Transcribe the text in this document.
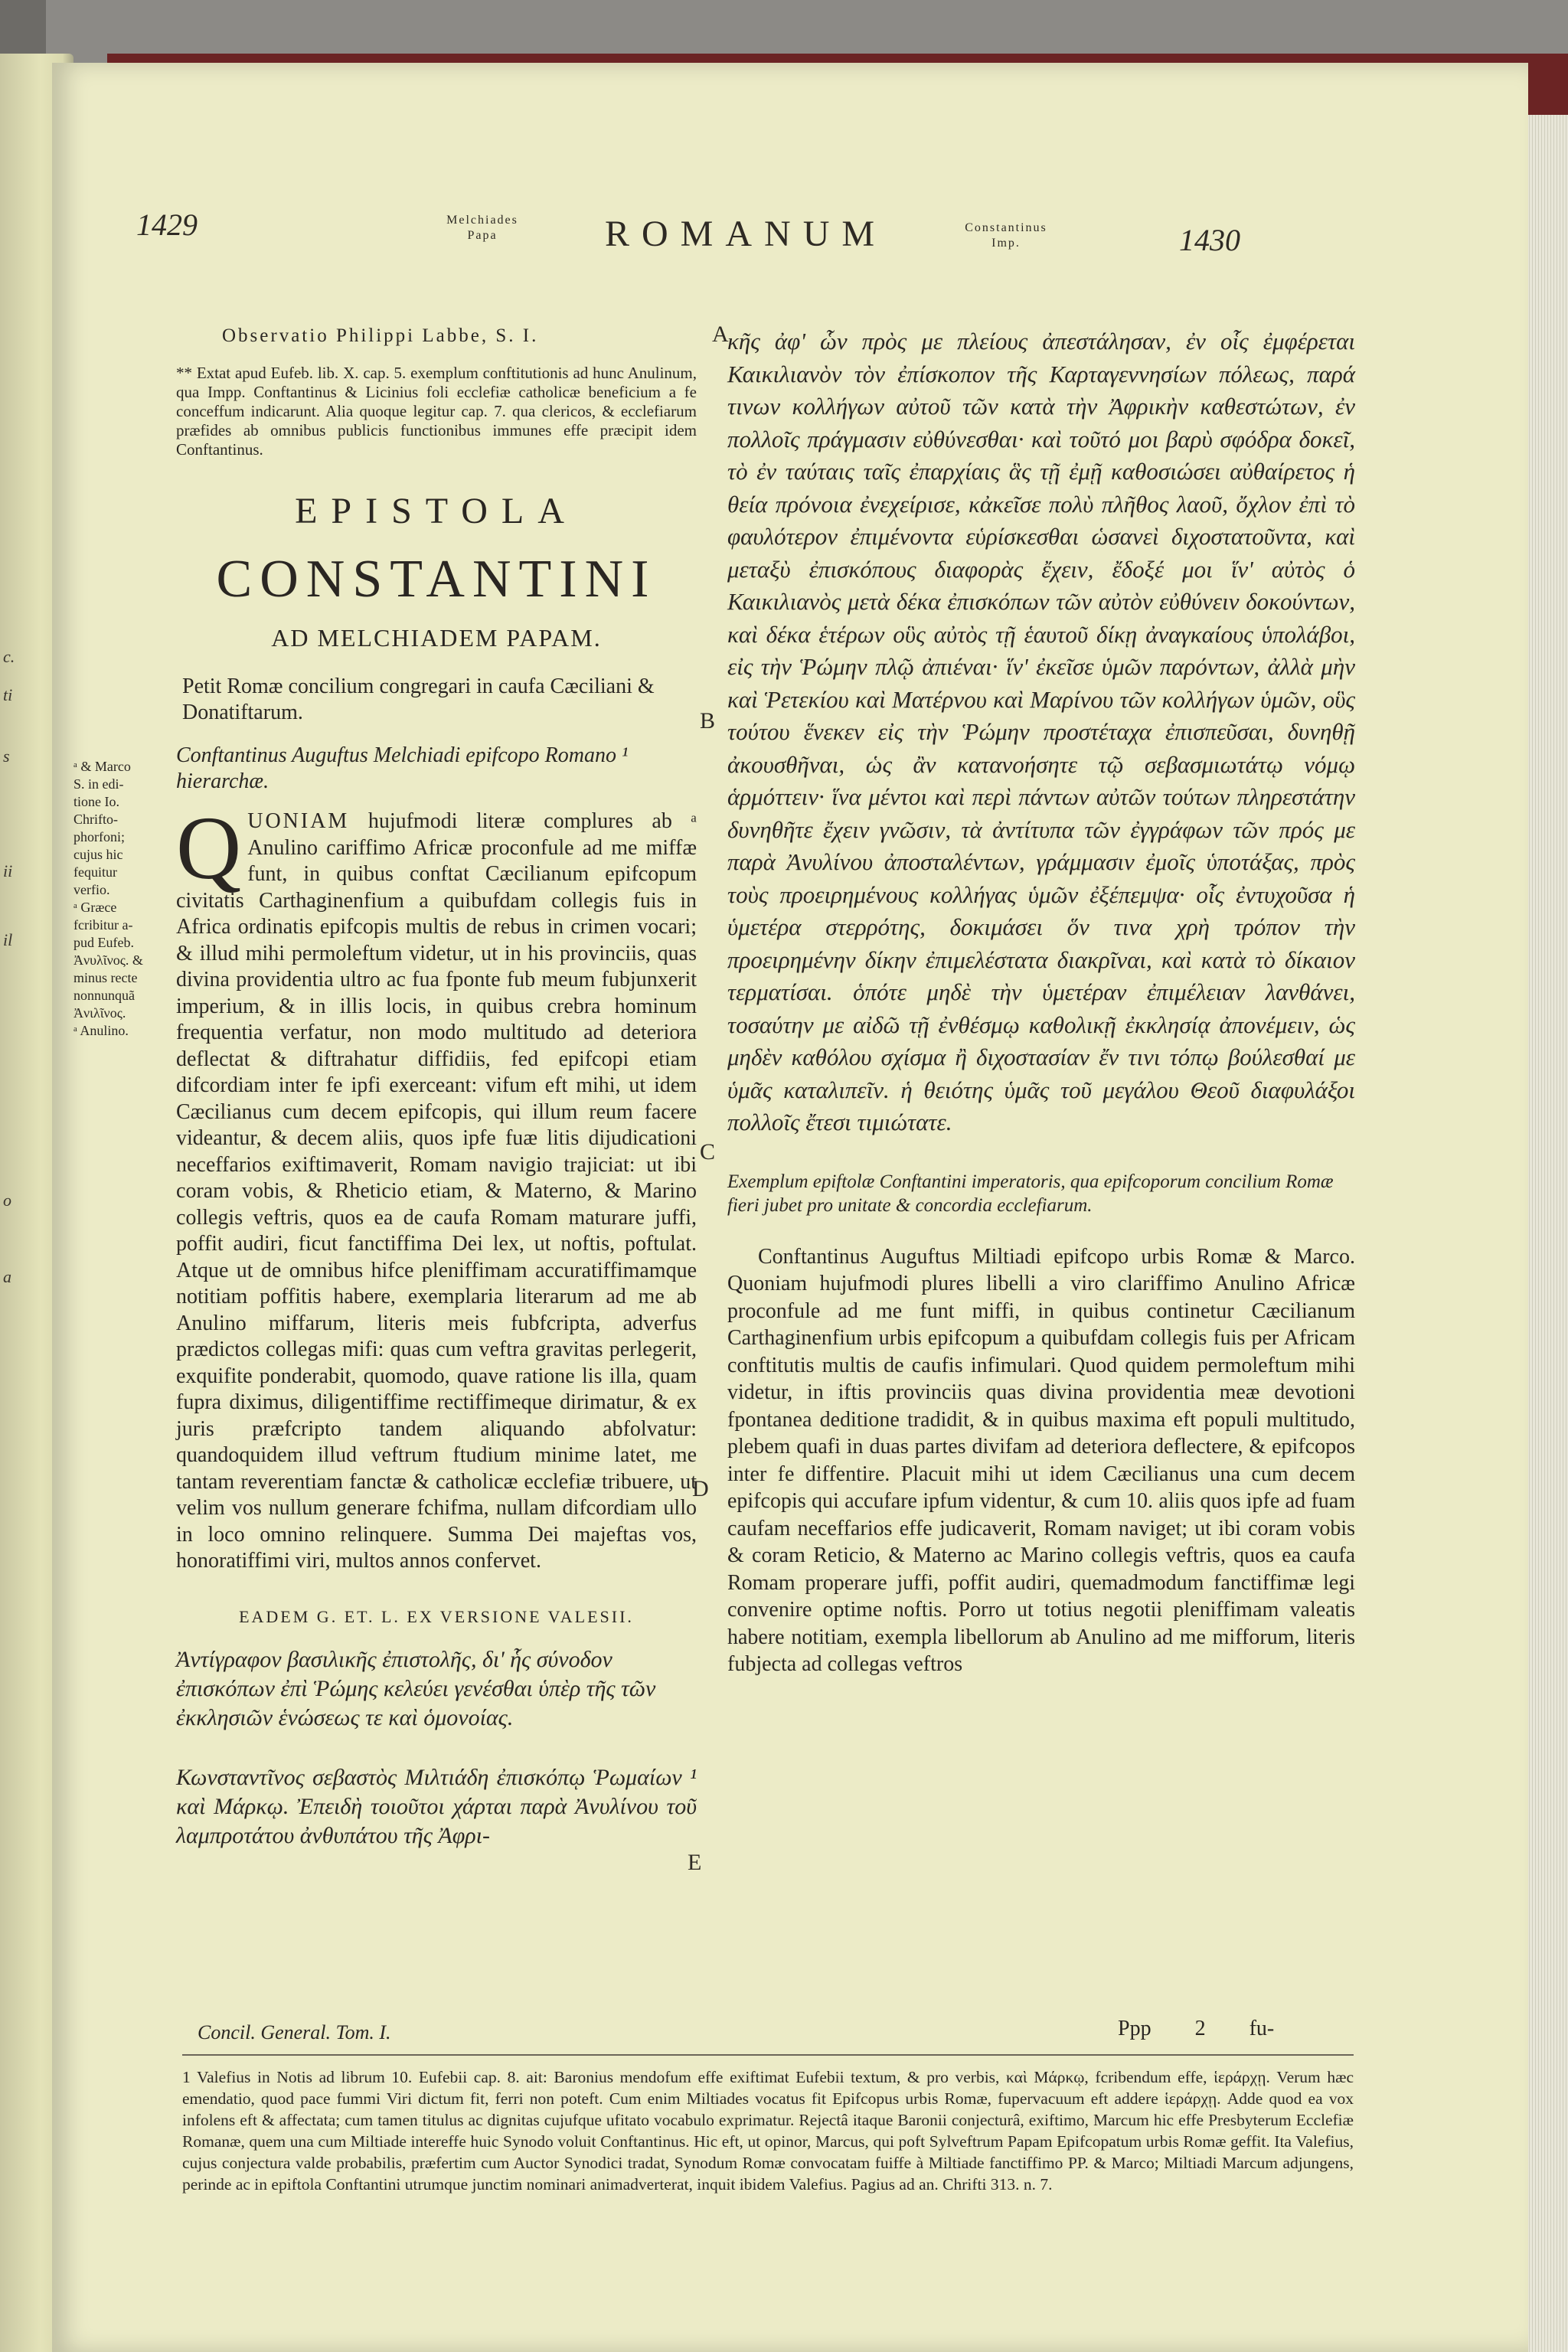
c.
ti
s
ii
il
o
a
1429	Melchiades
Papa	ROMANUM	Constantinus
Imp.	1430
ᵃ & Marco
S. in edi-
tione Io.
Chrifto-
phorfoni;
cujus hic
fequitur
verfio.
ᵃ Græce
fcribitur a-
pud Eufeb.
Ἀνυλῖνος. &
minus recte
nonnunquã
Ἀνιλῖνος.
ᵃ Anulino.
A
B
C
D
E
Observatio Philippi Labbe, S. I.

** Extat apud Eufeb. lib. X. cap. 5. exemplum conftitutionis ad hunc Anulinum, qua Impp. Conftantinus & Licinius foli ecclefiæ catholicæ beneficium a fe conceffum indicarunt. Alia quoque legitur cap. 7. qua clericos, & ecclefiarum præfides ab omnibus publicis functionibus immunes effe præcipit idem Conftantinus.

EPISTOLA
CONSTANTINI
AD MELCHIADEM PAPAM.

Petit Romæ concilium congregari in caufa Cæciliani & Donatiftarum.

Conftantinus Auguftus Melchiadi epifcopo Romano ¹ hierarchæ.

QUONIAM hujufmodi literæ complures ab ᵃ Anulino cariffimo Africæ proconfule ad me miffæ funt, in quibus conftat Cæcilianum epifcopum civitatis Carthaginenfium a quibufdam collegis fuis in Africa ordinatis epifcopis multis de rebus in crimen vocari; & illud mihi permoleftum videtur, ut in his provinciis, quas divina providentia ultro ac fua fponte fub meum fubjunxerit imperium, & in illis locis, in quibus crebra hominum frequentia verfatur, non modo multitudo ad deteriora deflectat & diftrahatur diffidiis, fed epifcopi etiam difcordiam inter fe ipfi exerceant: vifum eft mihi, ut idem Cæcilianus cum decem epifcopis, qui illum reum facere videantur, & decem aliis, quos ipfe fuæ litis dijudicationi neceffarios exiftimaverit, Romam navigio trajiciat: ut ibi coram vobis, & Rheticio etiam, & Materno, & Marino collegis veftris, quos ea de caufa Romam maturare juffi, poffit audiri, ficut fanctiffima Dei lex, ut noftis, poftulat. Atque ut de omnibus hifce pleniffimam accuratiffimamque notitiam poffitis habere, exemplaria literarum ad me ab Anulino miffarum, literis meis fubfcripta, adverfus prædictos collegas mifi: quas cum veftra gravitas perlegerit, exquifite ponderabit, quomodo, quave ratione lis illa, quam fupra diximus, diligentiffime rectiffimeque dirimatur, & ex juris præfcripto tandem aliquando abfolvatur: quandoquidem illud veftrum ftudium minime latet, me tantam reverentiam fanctæ & catholicæ ecclefiæ tribuere, ut velim vos nullum generare fchifma, nullam difcordiam ullo in loco omnino relinquere. Summa Dei majeftas vos, honoratiffimi viri, multos annos confervet.

EADEM G. ET. L. EX VERSIONE VALESII.

Ἀντίγραφον βασιλικῆς ἐπιστολῆς, δι' ἧς σύνοδον ἐπισκόπων ἐπὶ Ῥώμης κελεύει γενέσθαι ὑπὲρ τῆς τῶν ἐκκλησιῶν ἑνώσεως τε καὶ ὁμονοίας.

Κωνσταντῖνος σεβαστὸς Μιλτιάδη ἐπισκόπῳ Ῥωμαίων ¹ καὶ Μάρκῳ. Ἐπειδὴ τοιοῦτοι χάρται παρὰ Ἀνυλίνου τοῦ λαμπροτάτου ἀνθυπάτου τῆς Ἀφρι-

Concil. General. Tom. I.

κῆς ἀφ' ὧν πρὸς με πλείους ἀπεστάλησαν, ἐν οἷς ἐμφέρεται Καικιλιανὸν τὸν ἐπίσκοπον τῆς Καρταγεννησίων πόλεως, παρά τινων κολλήγων αὐτοῦ τῶν κατὰ τὴν Ἀφρικὴν καθεστώτων, ἐν πολλοῖς πράγμασιν εὐθύνεσθαι· καὶ τοῦτό μοι βαρὺ σφόδρα δοκεῖ, τὸ ἐν ταύταις ταῖς ἐπαρχίαις ἃς τῇ ἐμῇ καθοσιώσει αὐθαίρετος ἡ θεία πρόνοια ἐνεχείρισε, κἀκεῖσε πολὺ πλῆθος λαοῦ, ὄχλον ἐπὶ τὸ φαυλότερον ἐπιμένοντα εὑρίσκεσθαι ὡσανεὶ διχοστατοῦντα, καὶ μεταξὺ ἐπισκόπους διαφορὰς ἔχειν, ἔδοξέ μοι ἵν' αὐτὸς ὁ Καικιλιανὸς μετὰ δέκα ἐπισκόπων τῶν αὐτὸν εὐθύνειν δοκούντων, καὶ δέκα ἑτέρων οὓς αὐτὸς τῇ ἑαυτοῦ δίκῃ ἀναγκαίους ὑπολάβοι, εἰς τὴν Ῥώμην πλῷ ἀπιέναι· ἵν' ἐκεῖσε ὑμῶν παρόντων, ἀλλὰ μὴν καὶ Ῥετεκίου καὶ Ματέρνου καὶ Μαρίνου τῶν κολλήγων ὑμῶν, οὓς τούτου ἕνεκεν εἰς τὴν Ῥώμην προστέταχα ἐπισπεῦσαι, δυνηθῇ ἀκουσθῆναι, ὡς ἂν κατανοήσητε τῷ σεβασμιωτάτῳ νόμῳ ἁρμόττειν· ἵνα μέντοι καὶ περὶ πάντων αὐτῶν τούτων πληρεστάτην δυνηθῆτε ἔχειν γνῶσιν, τὰ ἀντίτυπα τῶν ἐγγράφων τῶν πρός με παρὰ Ἀνυλίνου ἀποσταλέντων, γράμμασιν ἐμοῖς ὑποτάξας, πρὸς τοὺς προειρημένους κολλήγας ὑμῶν ἐξέπεμψα· οἷς ἐντυχοῦσα ἡ ὑμετέρα στερρότης, δοκιμάσει ὅν τινα χρὴ τρόπον τὴν προειρημένην δίκην ἐπιμελέστατα διακρῖναι, καὶ κατὰ τὸ δίκαιον τερματίσαι. ὁπότε μηδὲ τὴν ὑμετέραν ἐπιμέλειαν λανθάνει, τοσαύτην με αἰδῶ τῇ ἐνθέσμῳ καθολικῇ ἐκκλησίᾳ ἀπονέμειν, ὡς μηδὲν καθόλου σχίσμα ἢ διχοστασίαν ἔν τινι τόπῳ βούλεσθαί με ὑμᾶς καταλιπεῖν. ἡ θειότης ὑμᾶς τοῦ μεγάλου Θεοῦ διαφυλάξοι πολλοῖς ἔτεσι τιμιώτατε.

Exemplum epiftolæ Conftantini imperatoris, qua epifcoporum concilium Romæ fieri jubet pro unitate & concordia ecclefiarum.

Conftantinus Auguftus Miltiadi epifcopo urbis Romæ & Marco. Quoniam hujufmodi plures libelli a viro clariffimo Anulino Africæ proconfule ad me funt miffi, in quibus continetur Cæcilianum Carthaginenfium urbis epifcopum a quibufdam collegis fuis per Africam conftitutis multis de caufis infimulari. Quod quidem permoleftum mihi videtur, in iftis provinciis quas divina providentia meæ devotioni fpontanea deditione tradidit, & in quibus maxima eft populi multitudo, plebem quafi in duas partes divifam ad deteriora deflectere, & epifcopos inter fe diffentire. Placuit mihi ut idem Cæcilianus una cum decem epifcopis qui accufare ipfum videntur, & cum 10. aliis quos ipfe ad fuam caufam neceffarios effe judicaverit, Romam naviget; ut ibi coram vobis & coram Reticio, & Materno ac Marino collegis veftris, quos ea caufa Romam properare juffi, poffit audiri, quemadmodum fanctiffimæ legi convenire optime noftis. Porro ut totius negotii pleniffimam valeatis habere notitiam, exempla libellorum ab Anulino ad me mifforum, literis fubjecta ad collegas veftros

Ppp 2 fu-
1 Valefius in Notis ad librum 10. Eufebii cap. 8. ait: Baronius mendofum effe exiftimat Eufebii textum, & pro verbis, καὶ Μάρκῳ, fcribendum effe, ἱεράρχῃ. Verum hæc emendatio, quod pace fummi Viri dictum fit, ferri non poteft. Cum enim Miltiades vocatus fit Epifcopus urbis Romæ, fupervacuum eft addere ἱεράρχῃ. Adde quod ea vox infolens eft & affectata; cum tamen titulus ac dignitas cujufque ufitato vocabulo exprimatur. Rejectâ itaque Baronii conjecturâ, exiftimo, Marcum hic effe Presbyterum Ecclefiæ Romanæ, quem una cum Miltiade intereffe huic Synodo voluit Conftantinus. Hic eft, ut opinor, Marcus, qui poft Sylveftrum Papam Epifcopatum urbis Romæ geffit. Ita Valefius, cujus conjectura valde probabilis, præfertim cum Auctor Synodici tradat, Synodum Romæ convocatam fuiffe à Miltiade fanctiffimo PP. & Marco; Miltiadi Marcum adjungens, perinde ac in epiftola Conftantini utrumque junctim nominari animadverterat, inquit ibidem Valefius. Pagius ad an. Chrifti 313. n. 7.
